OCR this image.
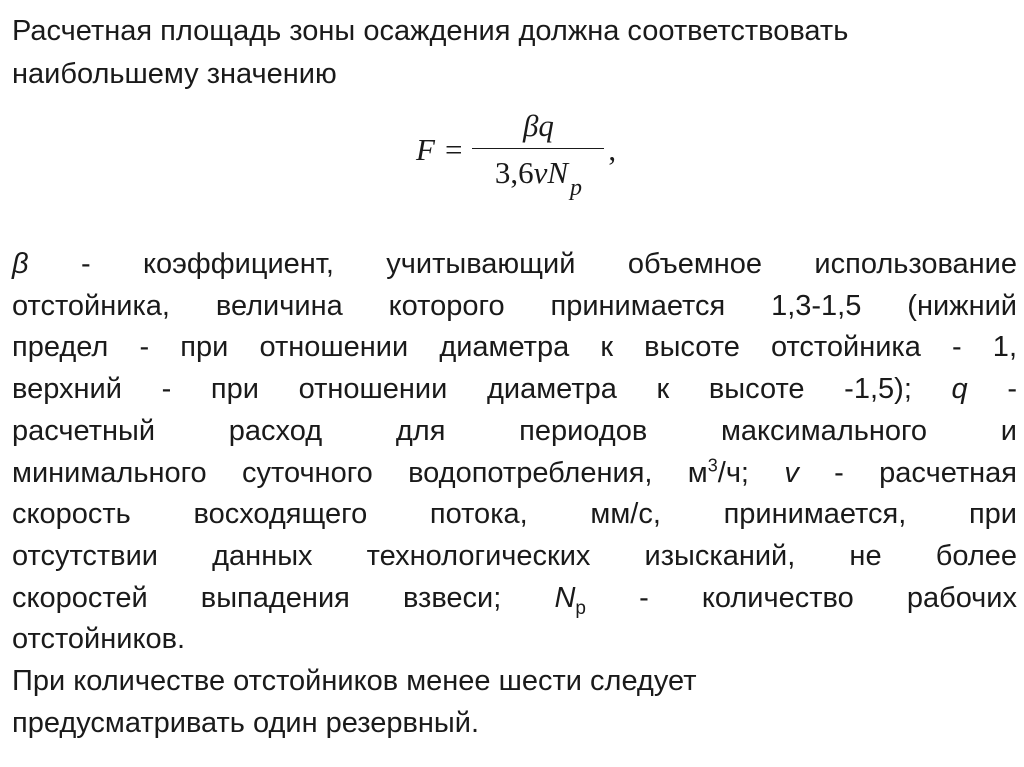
Расчетная площадь зоны осаждения должна соответствовать
наибольшему значению
$F = \frac{\beta q}{3,6vN_p}$ ,
β - коэффициент, учитывающий объемное использование
отстойника, величина которого принимается 1,3-1,5 (нижний
предел - при отношении диаметра к высоте отстойника - 1,
верхний - при отношении диаметра к высоте -1,5); q -
расчетный расход для периодов максимального и
минимального суточного водопотребления, $м^3/ч$; v - расчетная
скорость восходящего потока, мм/с, принимается, при
отсутствии данных технологических изысканий, не более
скоростей выпадения взвеси; $N_р$ - количество рабочих
отстойников.
При количестве отстойников менее шести следует
предусматривать один резервный.
